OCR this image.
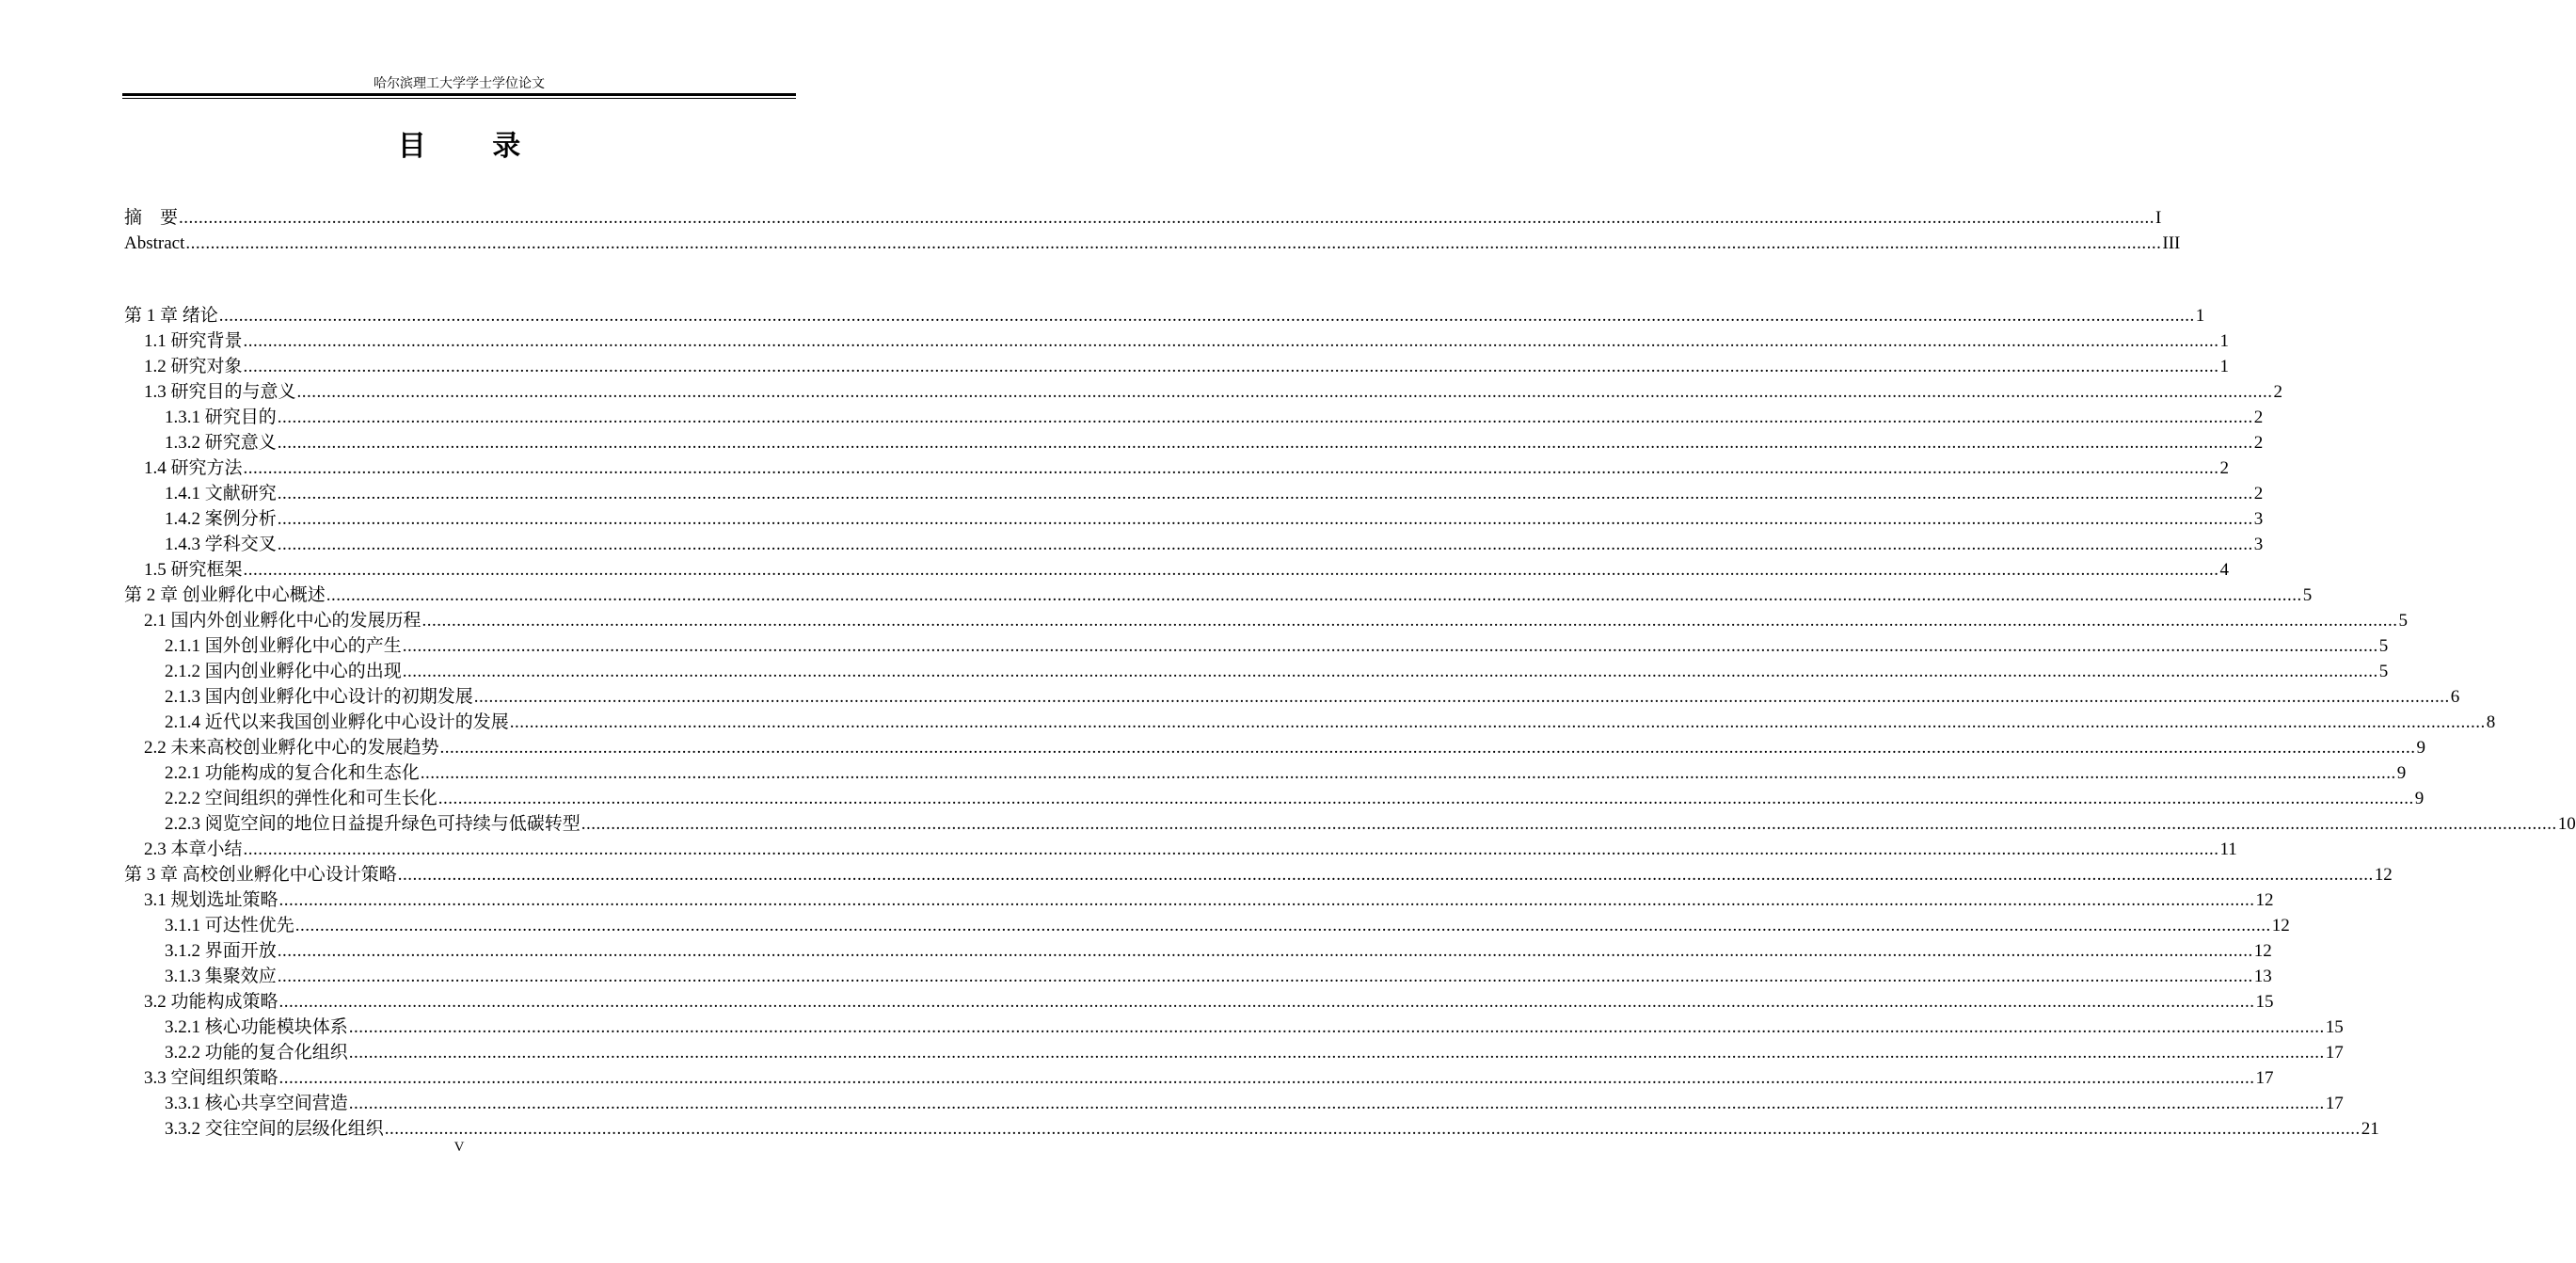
哈尔滨理工大学学士学位论文
目 录
摘　要 ................................................................................................................................................................................................................................................................................................................................................................................................................ I
Abstract ................................................................................................................................................................................................................................................................................................................................................................................................................ III
第 1 章 绪论 ................................................................................................................................................................................................................................................................................................................................................................................................................ 1
1.1 研究背景 ................................................................................................................................................................................................................................................................................................................................................................................................................ 1
1.2 研究对象 ................................................................................................................................................................................................................................................................................................................................................................................................................ 1
1.3 研究目的与意义 ................................................................................................................................................................................................................................................................................................................................................................................................................ 2
1.3.1 研究目的 ................................................................................................................................................................................................................................................................................................................................................................................................................ 2
1.3.2 研究意义 ................................................................................................................................................................................................................................................................................................................................................................................................................ 2
1.4 研究方法 ................................................................................................................................................................................................................................................................................................................................................................................................................ 2
1.4.1 文献研究 ................................................................................................................................................................................................................................................................................................................................................................................................................ 2
1.4.2 案例分析 ................................................................................................................................................................................................................................................................................................................................................................................................................ 3
1.4.3 学科交叉 ................................................................................................................................................................................................................................................................................................................................................................................................................ 3
1.5 研究框架 ................................................................................................................................................................................................................................................................................................................................................................................................................ 4
第 2 章 创业孵化中心概述 ................................................................................................................................................................................................................................................................................................................................................................................................................ 5
2.1 国内外创业孵化中心的发展历程 ................................................................................................................................................................................................................................................................................................................................................................................................................ 5
2.1.1 国外创业孵化中心的产生 ................................................................................................................................................................................................................................................................................................................................................................................................................ 5
2.1.2 国内创业孵化中心的出现 ................................................................................................................................................................................................................................................................................................................................................................................................................ 5
2.1.3 国内创业孵化中心设计的初期发展 ................................................................................................................................................................................................................................................................................................................................................................................................................ 6
2.1.4 近代以来我国创业孵化中心设计的发展 ................................................................................................................................................................................................................................................................................................................................................................................................................ 8
2.2 未来高校创业孵化中心的发展趋势 ................................................................................................................................................................................................................................................................................................................................................................................................................ 9
2.2.1 功能构成的复合化和生态化 ................................................................................................................................................................................................................................................................................................................................................................................................................ 9
2.2.2 空间组织的弹性化和可生长化 ................................................................................................................................................................................................................................................................................................................................................................................................................ 9
2.2.3 阅览空间的地位日益提升绿色可持续与低碳转型 ................................................................................................................................................................................................................................................................................................................................................................................................................ 10
2.3 本章小结 ................................................................................................................................................................................................................................................................................................................................................................................................................ 11
第 3 章 高校创业孵化中心设计策略 ................................................................................................................................................................................................................................................................................................................................................................................................................ 12
3.1 规划选址策略 ................................................................................................................................................................................................................................................................................................................................................................................................................ 12
3.1.1 可达性优先 ................................................................................................................................................................................................................................................................................................................................................................................................................ 12
3.1.2 界面开放 ................................................................................................................................................................................................................................................................................................................................................................................................................ 12
3.1.3 集聚效应 ................................................................................................................................................................................................................................................................................................................................................................................................................ 13
3.2 功能构成策略 ................................................................................................................................................................................................................................................................................................................................................................................................................ 15
3.2.1 核心功能模块体系 ................................................................................................................................................................................................................................................................................................................................................................................................................ 15
3.2.2 功能的复合化组织 ................................................................................................................................................................................................................................................................................................................................................................................................................ 17
3.3 空间组织策略 ................................................................................................................................................................................................................................................................................................................................................................................................................ 17
3.3.1 核心共享空间营造 ................................................................................................................................................................................................................................................................................................................................................................................................................ 17
3.3.2 交往空间的层级化组织 ................................................................................................................................................................................................................................................................................................................................................................................................................ 21
V
